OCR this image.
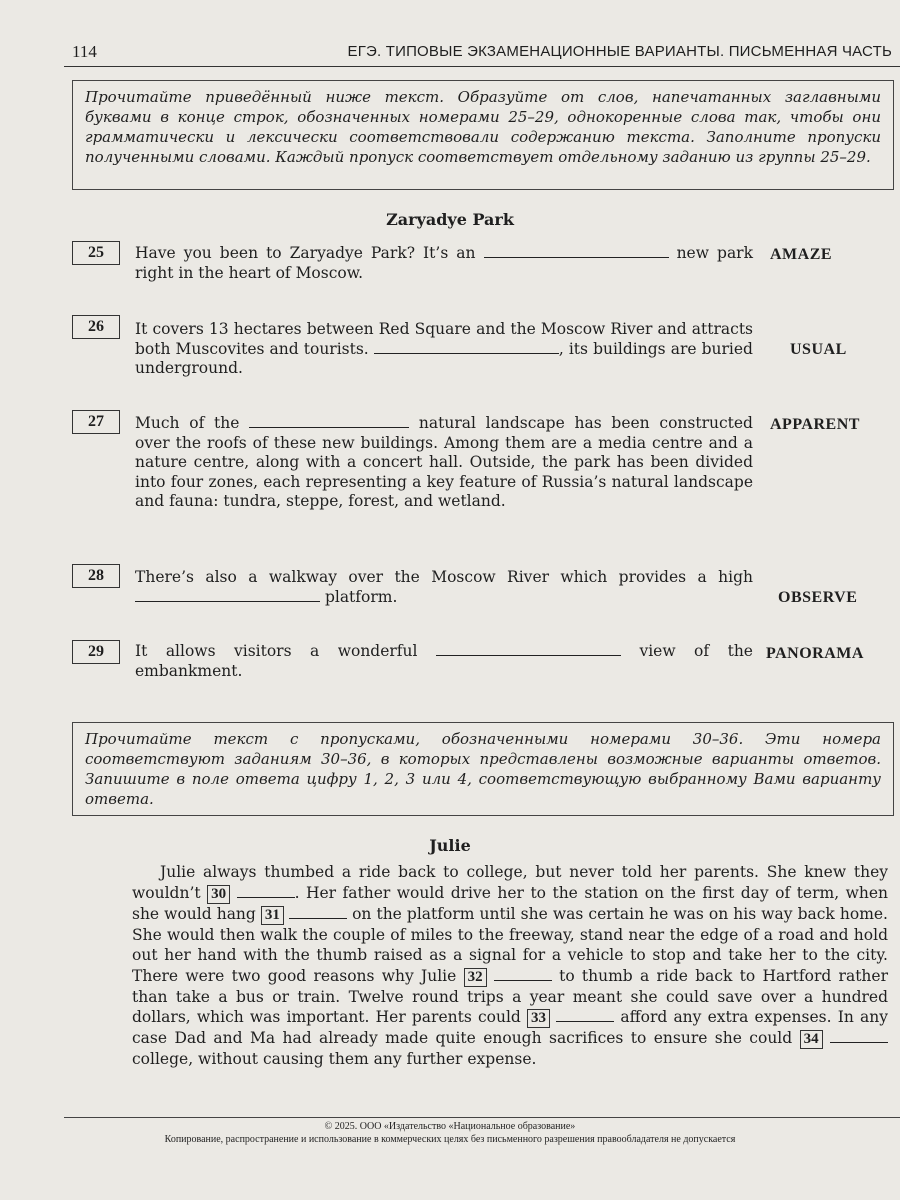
114	ЕГЭ. ТИПОВЫЕ ЭКЗАМЕНАЦИОННЫЕ ВАРИАНТЫ. ПИСЬМЕННАЯ ЧАСТЬ
Прочитайте приведённый ниже текст. Образуйте от слов, напечатанных заглавными буквами в конце строк, обозначенных номерами 25–29, однокоренные слова так, чтобы они грамматически и лексически соответствовали содержанию текста. Заполните пропуски полученными словами. Каждый пропуск соответствует отдельному заданию из группы 25–29.
Zaryadye Park
25	Have you been to Zaryadye Park? It’s an	new park right in the heart of Moscow.
AMAZE
26	It covers 13 hectares between Red Square and the Moscow River and attracts both Muscovites and tourists.	, its buildings are buried underground.
USUAL
27	Much of the	natural landscape has been constructed over the roofs of these new buildings. Among them are a media centre and a nature centre, along with a concert hall. Outside, the park has been divided into four zones, each representing a key feature of Russia’s natural landscape and fauna: tundra, steppe, forest, and wetland.
APPARENT
28	There’s also a walkway over the Moscow River which provides a high  platform.	OBSERVE
29	It allows visitors a wonderful	view of the embankment.
PANORAMA
Прочитайте текст с пропусками, обозначенными номерами 30–36. Эти номера соответствуют заданиям 30–36, в которых представлены возможные варианты ответов. Запишите в поле ответа цифру 1, 2, 3 или 4, соответствующую выбранному Вами варианту ответа.
Julie
Julie always thumbed a ride back to college, but never told her parents. She knew they wouldn’t 30	. Her father would drive her to the station on the first day of term, when she would hang 31	on the platform until she was certain he was on his way back home. She would then walk the couple of miles to the freeway, stand near the edge of a road and hold out her hand with the thumb raised as a signal for a vehicle to stop and take her to the city. There were two good reasons why Julie 32	to thumb a ride back to Hartford rather than take a bus or train. Twelve round trips a year meant she could save over a hundred dollars, which was important. Her parents could 33	afford any extra expenses. In any case Dad and Ma had already made quite enough sacrifices to ensure she could 34  college, without causing them any further expense.
© 2025. ООО «Издательство «Национальное образование»
Копирование, распространение и использование в коммерческих целях без письменного разрешения правообладателя не допускается
